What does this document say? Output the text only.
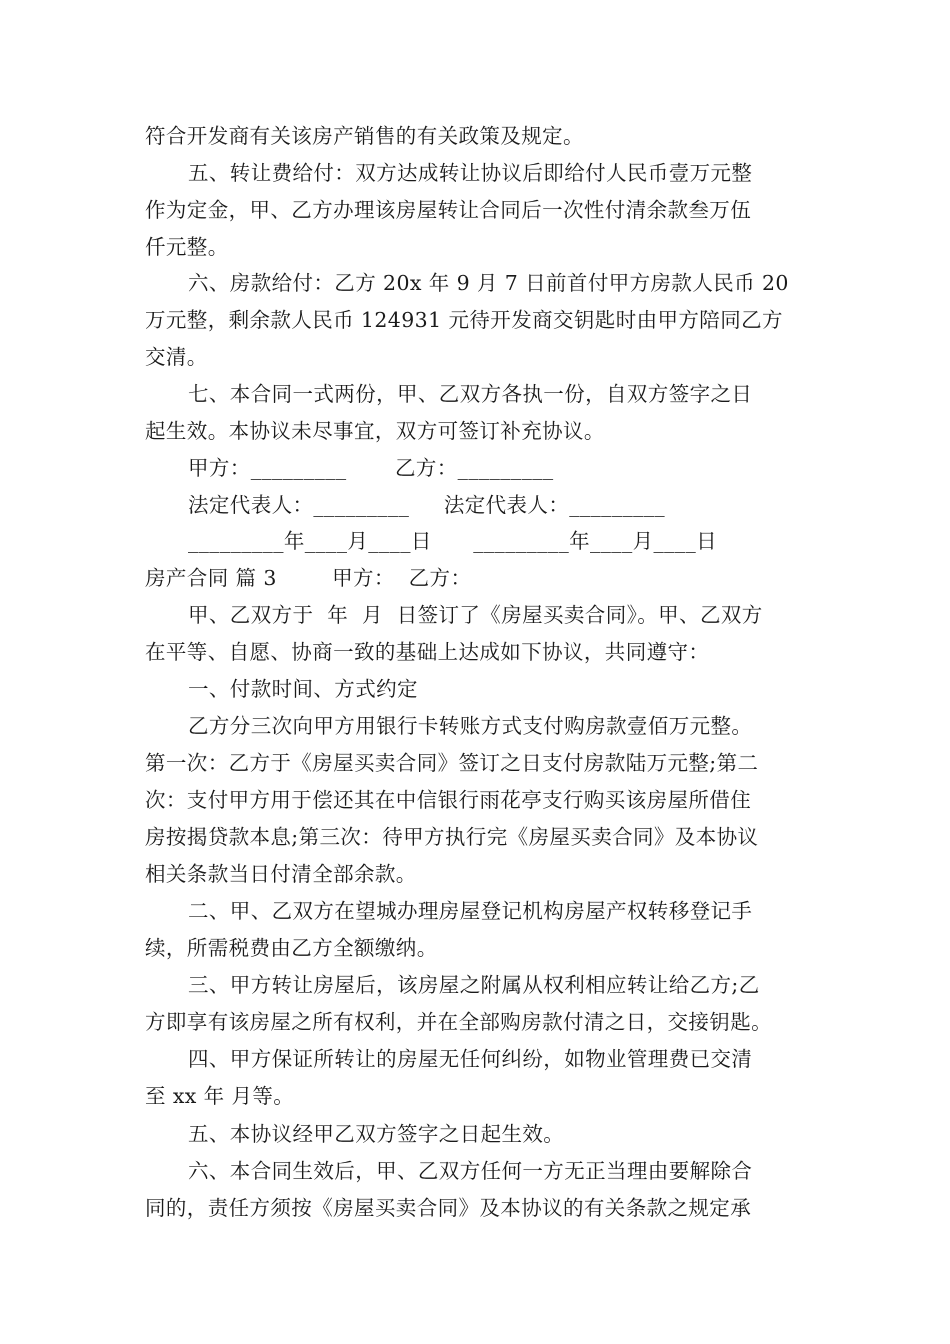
符合开发商有关该房产销售的有关政策及规定。
五、转让费给付：双方达成转让协议后即给付人民币壹万元整
作为定金，甲、乙方办理该房屋转让合同后一次性付清余款叁万伍
仟元整。
六、房款给付：乙方 20x 年 9 月 7 日前首付甲方房款人民币 20
万元整，剩余款人民币 124931 元待开发商交钥匙时由甲方陪同乙方
交清。
七、本合同一式两份，甲、乙双方各执一份，自双方签字之日
起生效。本协议未尽事宜，双方可签订补充协议。
甲方：_________       乙方：_________
法定代表人：_________     法定代表人：_________
_________年____月____日      _________年____月____日
房产合同 篇 3        甲方：  乙方：
甲、乙双方于  年  月  日签订了《房屋买卖合同》。甲、乙双方
在平等、自愿、协商一致的基础上达成如下协议，共同遵守：
一、付款时间、方式约定
乙方分三次向甲方用银行卡转账方式支付购房款壹佰万元整。
第一次：乙方于《房屋买卖合同》签订之日支付房款陆万元整;第二
次：支付甲方用于偿还其在中信银行雨花亭支行购买该房屋所借住
房按揭贷款本息;第三次：待甲方执行完《房屋买卖合同》及本协议
相关条款当日付清全部余款。
二、甲、乙双方在望城办理房屋登记机构房屋产权转移登记手
续，所需税费由乙方全额缴纳。
三、甲方转让房屋后，该房屋之附属从权利相应转让给乙方;乙
方即享有该房屋之所有权利，并在全部购房款付清之日，交接钥匙。
四、甲方保证所转让的房屋无任何纠纷，如物业管理费已交清
至 xx 年 月等。
五、本协议经甲乙双方签字之日起生效。
六、本合同生效后，甲、乙双方任何一方无正当理由要解除合
同的，责任方须按《房屋买卖合同》及本协议的有关条款之规定承
